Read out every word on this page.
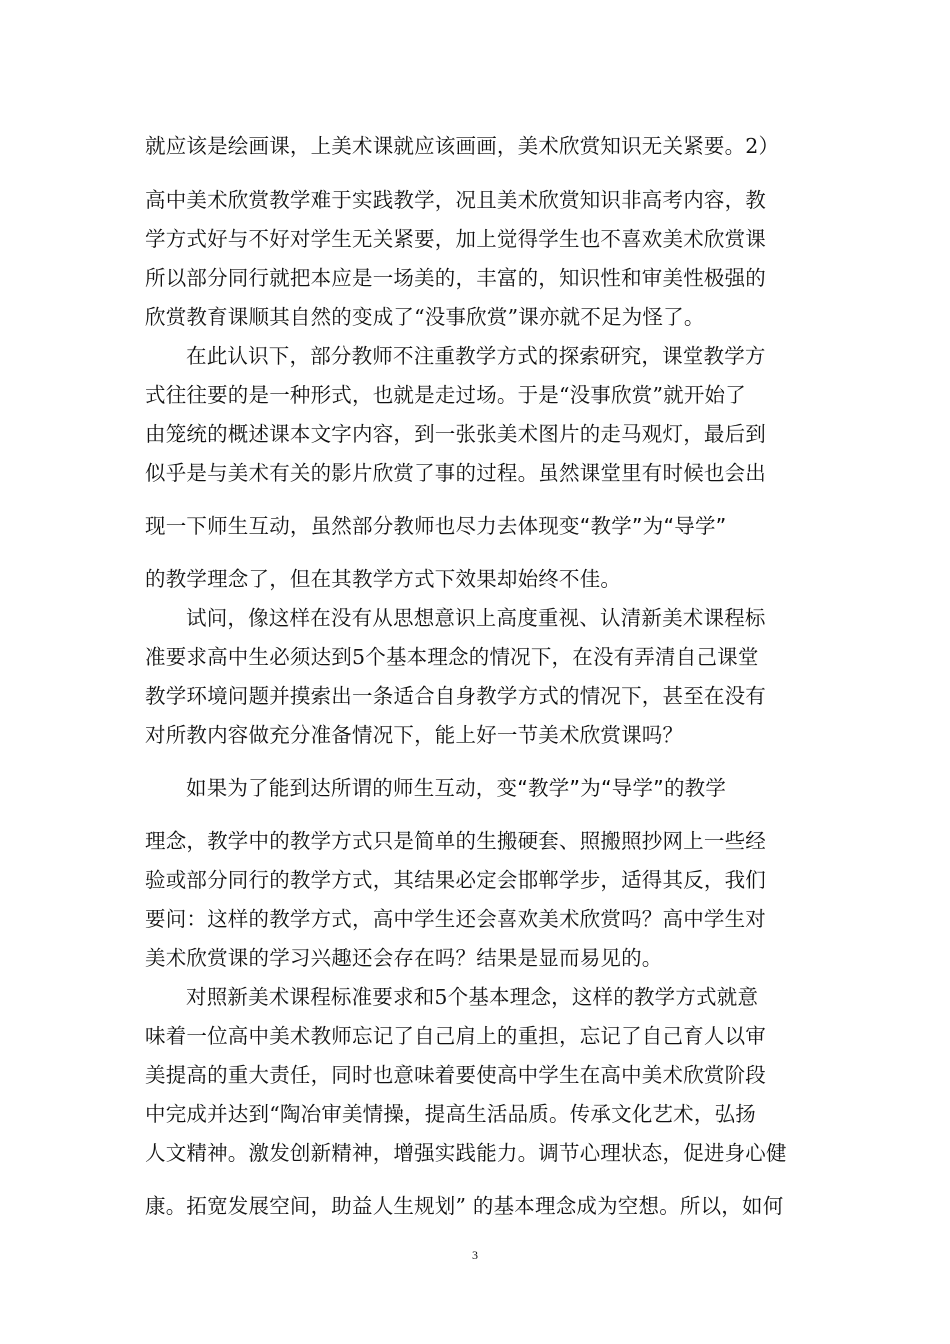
就应该是绘画课，上美术课就应该画画，美术欣赏知识无关紧要。2）
高中美术欣赏教学难于实践教学，况且美术欣赏知识非高考内容，教
学方式好与不好对学生无关紧要，加上觉得学生也不喜欢美术欣赏课
所以部分同行就把本应是一场美的，丰富的，知识性和审美性极强的
欣赏教育课顺其自然的变成了“没事欣赏”课亦就不足为怪了。
在此认识下，部分教师不注重教学方式的探索研究，课堂教学方
式往往要的是一种形式，也就是走过场。于是“没事欣赏”就开始了
由笼统的概述课本文字内容，到一张张美术图片的走马观灯，最后到
似乎是与美术有关的影片欣赏了事的过程。虽然课堂里有时候也会出
现一下师生互动，虽然部分教师也尽力去体现变“教学”为“导学”
的教学理念了，但在其教学方式下效果却始终不佳。
试问，像这样在没有从思想意识上高度重视、认清新美术课程标
准要求高中生必须达到5个基本理念的情况下，在没有弄清自己课堂
教学环境问题并摸索出一条适合自身教学方式的情况下，甚至在没有
对所教内容做充分准备情况下，能上好一节美术欣赏课吗？
如果为了能到达所谓的师生互动，变“教学”为“导学”的教学
理念，教学中的教学方式只是简单的生搬硬套、照搬照抄网上一些经
验或部分同行的教学方式，其结果必定会邯郸学步，适得其反，我们
要问：这样的教学方式，高中学生还会喜欢美术欣赏吗？高中学生对
美术欣赏课的学习兴趣还会存在吗？结果是显而易见的。
对照新美术课程标准要求和5个基本理念，这样的教学方式就意
味着一位高中美术教师忘记了自己肩上的重担，忘记了自己育人以审
美提高的重大责任，同时也意味着要使高中学生在高中美术欣赏阶段
中完成并达到“陶冶审美情操，提高生活品质。传承文化艺术，弘扬
人文精神。激发创新精神，增强实践能力。调节心理状态，促进身心健
康。拓宽发展空间，助益人生规划” 的基本理念成为空想。所以，如何
3
